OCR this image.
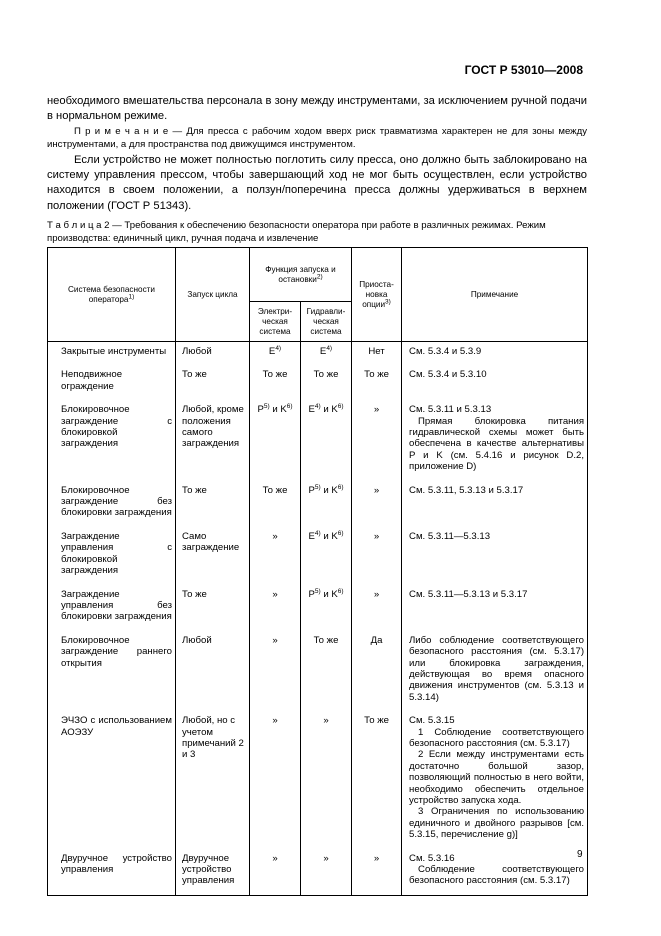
ГОСТ Р 53010—2008
необходимого вмешательства персонала в зону между инструментами, за исключением ручной подачи в нормальном режиме.
П р и м е ч а н и е — Для пресса с рабочим ходом вверх риск травматизма характерен не для зоны между инструментами, а для пространства под движущимся инструментом.
Если устройство не может полностью поглотить силу пресса, оно должно быть заблокировано на систему управления прессом, чтобы завершающий ход не мог быть осуществлен, если устройство находится в своем положении, а ползун/поперечина пресса должны удерживаться в верхнем положении (ГОСТ Р 51343).
Т а б л и ц а 2 — Требования к обеспечению безопасности оператора при работе в различных режимах. Режим производства: единичный цикл, ручная подача и извлечение
Система безопасности оператора$^{1)}$	Запуск цикла	Функция запуска и остановки$^{2)}$		Приоста-новка опции$^{3)}$	Примечание
		Электри-ческая система	Гидравли-ческая система		
Закрытые инструменты	Любой	$E^{4)}$	$E^{4)}$	Нет	См. 5.3.4 и 5.3.9

Неподвижное ограждение	То же	То же	То же	То же	См. 5.3.4 и 5.3.10

Блокировочное заграждение с блокировкой заграждения	Любой, кроме положения самого заграждения	$P^{5)}$ и $K^{6)}$	$E^{4)}$ и $K^{6)}$	»	См. 5.3.11 и 5.3.13
Прямая блокировка питания гидравлической схемы может быть обеспечена в качестве альтернативы P и K (см. 5.4.16 и рисунок D.2, приложение D)

Блокировочное заграждение без блокировки заграждения	То же	То же	$P^{5)}$ и $K^{6)}$	»	См. 5.3.11, 5.3.13 и 5.3.17

Заграждение управления с блокировкой заграждения	Само заграждение	»	$E^{4)}$ и $K^{6)}$	»	См. 5.3.11—5.3.13

Заграждение управления без блокировки заграждения	То же	»	$P^{5)}$ и $K^{6)}$	»	См. 5.3.11—5.3.13 и 5.3.17

Блокировочное заграждение раннего открытия	Любой	»	То же	Да	Либо соблюдение соответствующего безопасного расстояния (см. 5.3.17) или блокировка заграждения, действующая во время опасного движения инструментов (см. 5.3.13 и 5.3.14)

ЭЧЗО с использованием АОЭЗУ	Любой, но с учетом примечаний 2 и 3	»	»	То же	См. 5.3.15
1 Соблюдение соответствующего безопасного расстояния (см. 5.3.17)
2 Если между инструментами есть достаточно большой зазор, позволяющий полностью в него войти, необходимо обеспечить отдельное устройство запуска хода.
3 Ограничения по использованию единичного и двойного разрывов [см. 5.3.15, перечисление g)]

Двуручное устройство управления	Двуручное устройство управления	»	»	»	См. 5.3.16
Соблюдение соответствующего безопасного расстояния (см. 5.3.17)
9
